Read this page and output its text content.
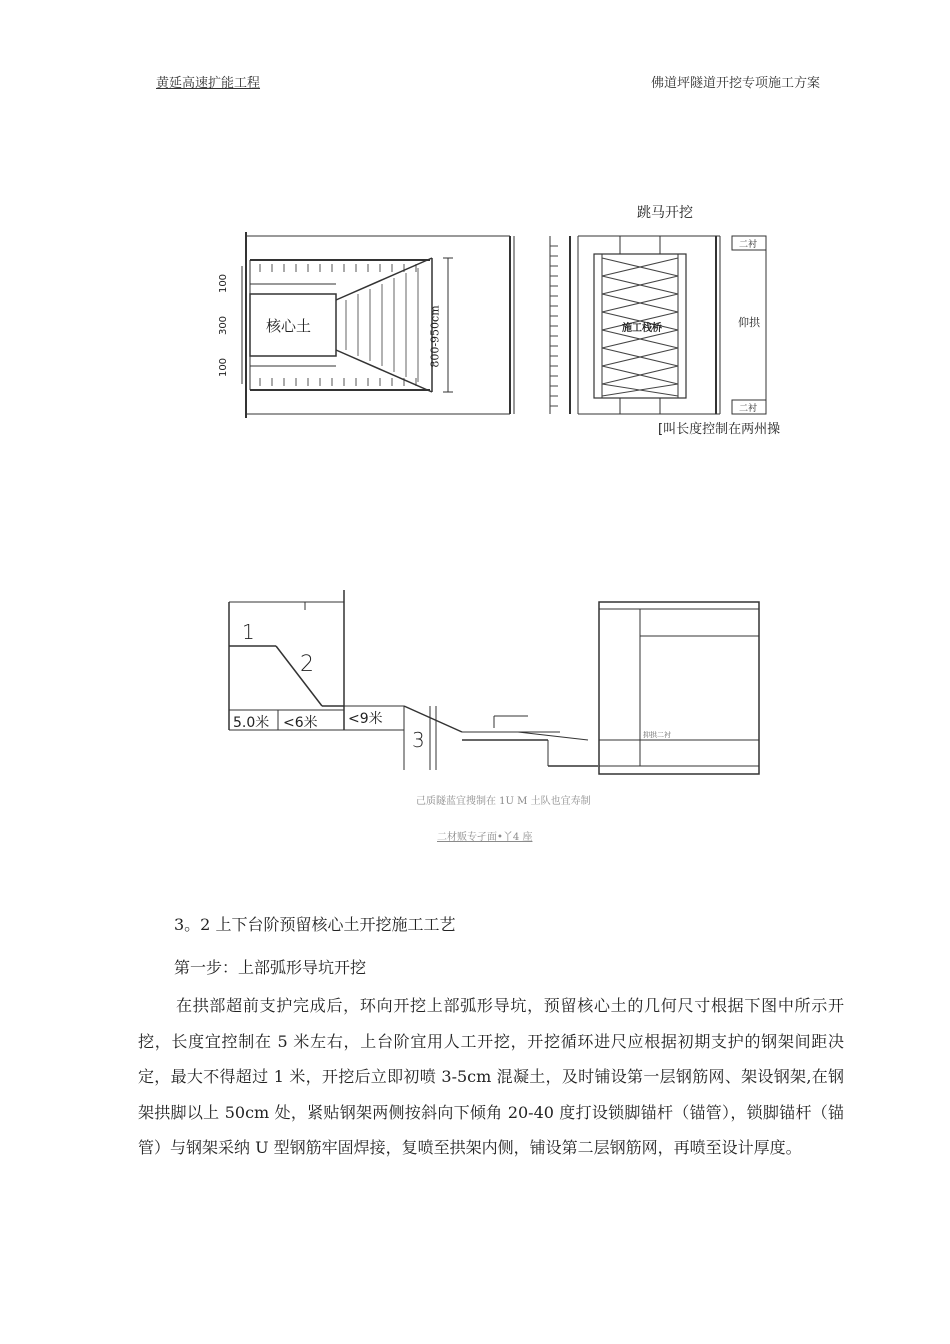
黄延高速扩能工程	佛道坪隧道开挖专项施工方案
跳马开挖
核心土
100
300
100	800-950cm	施工栈桥	仰拱
二衬
二衬
[叫长度控制在两州操
1
2
3
5.0米 <6米 <9米
抑拱二衬
己质隧蓝宜搜制在 1U M 土队也宜寿制
二材贩专孑面•丫4 座
3。2 上下台阶预留核心土开挖施工工艺
第一步：上部弧形导坑开挖
在拱部超前支护完成后，环向开挖上部弧形导坑，预留核心土的几何尺寸根据下图中所示开挖，长度宜控制在 5 米左右，上台阶宜用人工开挖，开挖循环进尺应根据初期支护的钢架间距决定，最大不得超过 1 米，开挖后立即初喷 3-5cm 混凝土，及时铺设第一层钢筋网、架设钢架,在钢架拱脚以上 50cm 处，紧贴钢架两侧按斜向下倾角 20-40 度打设锁脚锚杆（锚管），锁脚锚杆（锚管）与钢架采纳 U 型钢筋牢固焊接，复喷至拱架内侧，铺设第二层钢筋网，再喷至设计厚度。
